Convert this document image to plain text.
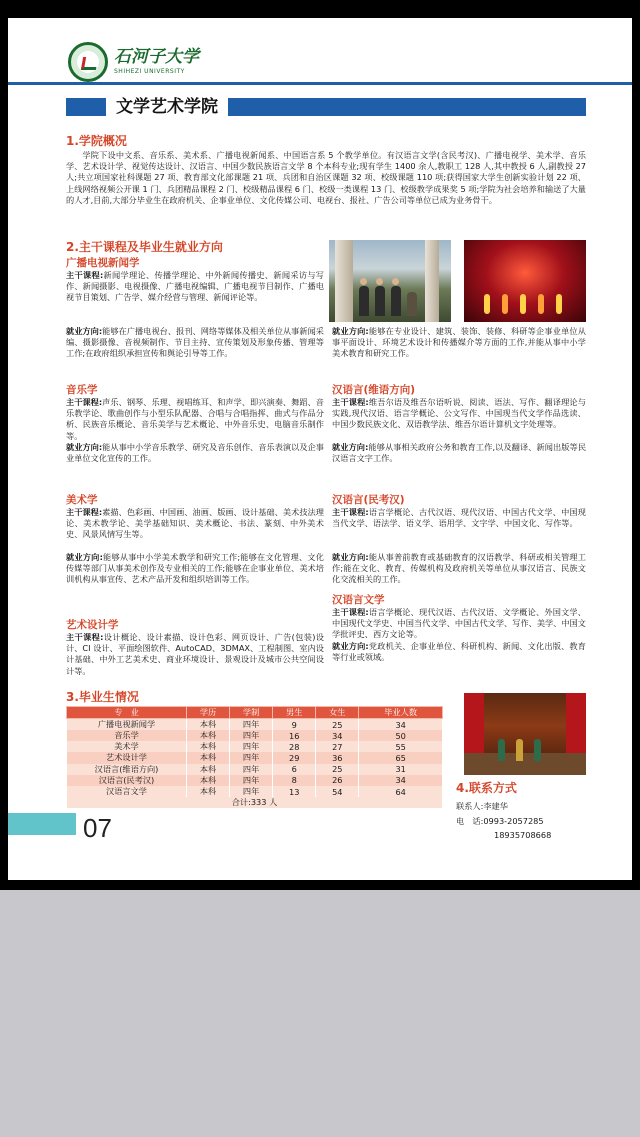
石河子大学
SHIHEZI UNIVERSITY
文学艺术学院
1.学院概况
学院下设中文系、音乐系、美术系、广播电视新闻系、中国语言系 5 个教学单位。有汉语言文学(含民考汉)、广播电视学、美术学、音乐学、艺术设计学、视觉传达设计、汉语言、中国少数民族语言文学 8 个本科专业;现有学生 1400 余人,教职工 128 人,其中教授 6 人,副教授 27 人;共立项国家社科课题 27 项、教育部文化部课题 21 项、兵团和自治区课题 32 项、校级课题 110 项;获得国家大学生创新实验计划 22 项、上线网络视频公开课 1 门、兵团精品课程 2 门、校级精品课程 6 门、校级一类课程 13 门、校级教学成果奖 5 项;学院为社会培养和输送了大量的人才,目前,大部分毕业生在政府机关、企事业单位、文化传媒公司、电视台、报社、广告公司等单位已成为业务骨干。
2.主干课程及毕业生就业方向
广播电视新闻学
主干课程:新闻学理论、传播学理论、中外新闻传播史、新闻采访与写作、新闻摄影、电视摄像、广播电视编辑、广播电视节目制作、广播电视节目策划、广告学、媒介经营与管理、新闻评论等。
就业方向:能够在广播电视台、报刊、网络等媒体及相关单位从事新闻采编、摄影摄像、音视频制作、节目主持、宣传策划及形象传播、管理等工作;在政府组织承担宣传和舆论引导等工作。
音乐学
主干课程:声乐、钢琴、乐理、视唱练耳、和声学、即兴演奏、舞蹈、音乐教学论、歌曲创作与小型乐队配器、合唱与合唱指挥、曲式与作品分析、民族音乐概论、音乐美学与艺术概论、中外音乐史、电脑音乐制作等。
就业方向:能从事中小学音乐教学、研究及音乐创作、音乐表演以及企事业单位文化宣传的工作。
美术学
主干课程:素描、色彩画、中国画、油画、版画、设计基础、美术技法理论、美术教学论、美学基础知识、美术概论、书法、篆刻、中外美术史、风景风情写生等。
就业方向:能够从事中小学美术教学和研究工作;能够在文化管理、文化传媒等部门从事美术创作及专业相关的工作;能够在企事业单位、美术培训机构从事宣传、艺术产品开发和组织培训等工作。
艺术设计学
主干课程:设计概论、设计素描、设计色彩、网页设计、广告(包装)设计、CI 设计、平面绘图软件、AutoCAD、3DMAX、工程制图、室内设计基础、中外工艺美术史、商业环境设计、景观设计及城市公共空间设计等。
就业方向:能够在专业设计、建筑、装饰、装修、科研等企事业单位从事平面设计、环境艺术设计和传播媒介等方面的工作,并能从事中小学美术教育和研究工作。
汉语言(维语方向)
主干课程:维吾尔语及维吾尔语听说、阅读、语法、写作、翻译理论与实践,现代汉语、语言学概论、公文写作、中国现当代文学作品选读、中国少数民族文化、双语教学法、维吾尔语计算机文字处理等。
就业方向:能够从事相关政府公务和教育工作,以及翻译、新闻出版等民汉语言文字工作。
汉语言(民考汉)
主干课程:语言学概论、古代汉语、现代汉语、中国古代文学、中国现当代文学、语法学、语义学、语用学、文字学、中国文化、写作等。
就业方向:能从事普前教育或基础教育的汉语教学、科研或相关管理工作;能在文化、教育、传媒机构及政府机关等单位从事汉语言、民族文化交流相关的工作。
汉语言文学
主干课程:语言学概论、现代汉语、古代汉语、文学概论、外国文学、中国现代文学史、中国当代文学、中国古代文学、写作、美学、中国文学批评史、西方文论等。
就业方向:党政机关、企事业单位、科研机构、新闻、文化出版、教育等行业或领域。
3.毕业生情况
专　业	学历	学制	男生	女生	毕业人数
广播电视新闻学	本科	四年	9	25	34
音乐学	本科	四年	16	34	50
美术学	本科	四年	28	27	55
艺术设计学	本科	四年	29	36	65
汉语言(维语方向)	本科	四年	6	25	31
汉语言(民考汉)	本科	四年	8	26	34
汉语言文学	本科	四年	13	54	64
合计:333 人					
4.联系方式
联系人:李建华
电　话:0993-2057285
18935708668
07
